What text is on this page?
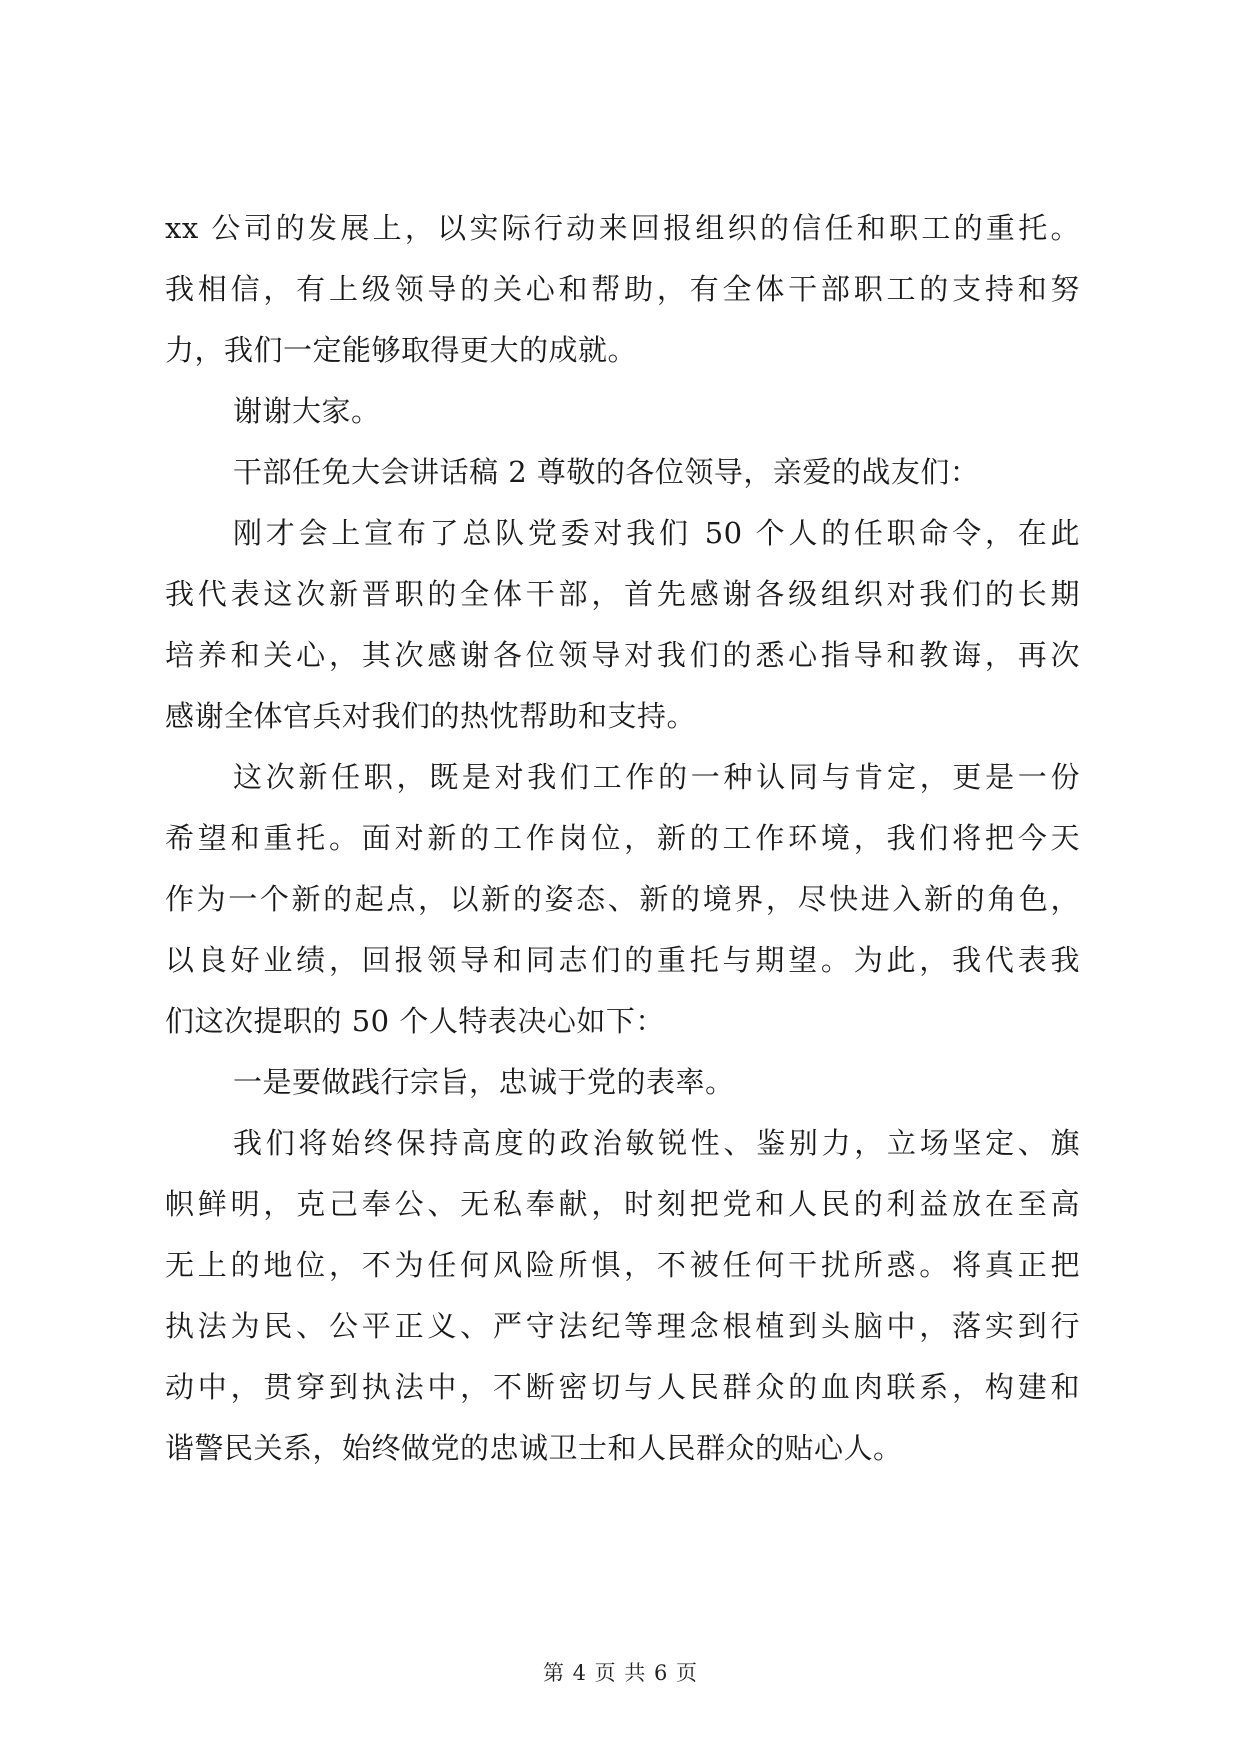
xx 公司的发展上，以实际行动来回报组织的信任和职工的重托。
我相信，有上级领导的关心和帮助，有全体干部职工的支持和努
力，我们一定能够取得更大的成就。
谢谢大家。
干部任免大会讲话稿 2 尊敬的各位领导，亲爱的战友们：
刚才会上宣布了总队党委对我们 50 个人的任职命令，在此
我代表这次新晋职的全体干部，首先感谢各级组织对我们的长期
培养和关心，其次感谢各位领导对我们的悉心指导和教诲，再次
感谢全体官兵对我们的热忱帮助和支持。
这次新任职，既是对我们工作的一种认同与肯定，更是一份
希望和重托。面对新的工作岗位，新的工作环境，我们将把今天
作为一个新的起点，以新的姿态、新的境界，尽快进入新的角色，
以良好业绩，回报领导和同志们的重托与期望。为此，我代表我
们这次提职的 50 个人特表决心如下：
一是要做践行宗旨，忠诚于党的表率。
我们将始终保持高度的政治敏锐性、鉴别力，立场坚定、旗
帜鲜明，克己奉公、无私奉献，时刻把党和人民的利益放在至高
无上的地位，不为任何风险所惧，不被任何干扰所惑。将真正把
执法为民、公平正义、严守法纪等理念根植到头脑中，落实到行
动中，贯穿到执法中，不断密切与人民群众的血肉联系，构建和
谐警民关系，始终做党的忠诚卫士和人民群众的贴心人。
第 4 页 共 6 页
